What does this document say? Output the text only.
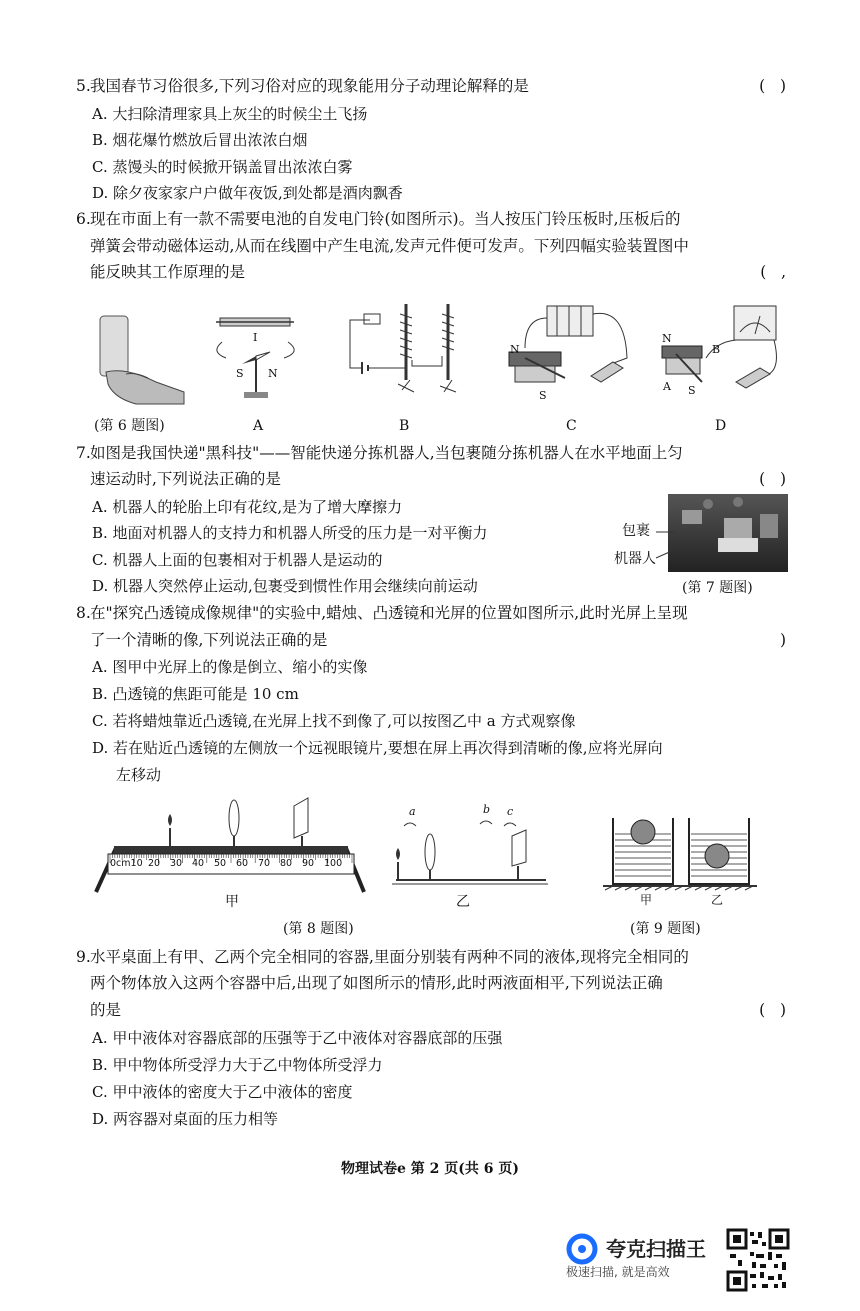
5. 我国春节习俗很多,下列习俗对应的现象能用分子动理论解释的是	(   )
A. 大扫除清理家具上灰尘的时候尘土飞扬
B. 烟花爆竹燃放后冒出浓浓白烟
C. 蒸馒头的时候掀开锅盖冒出浓浓白雾
D. 除夕夜家家户户做年夜饭,到处都是酒肉飘香
6. 现在市面上有一款不需要电池的自发电门铃(如图所示)。当人按压门铃压板时,压板后的
弹簧会带动磁体运动,从而在线圈中产生电流,发声元件便可发声。下列四幅实验装置图中
能反映其工作原理的是	(   ,
(第 6 题图)
I
S N
A	B
N
S
C
N
B
A S
D
7. 如图是我国快递"黑科技"——智能快递分拣机器人,当包裹随分拣机器人在水平地面上匀
速运动时,下列说法正确的是	(   )
A. 机器人的轮胎上印有花纹,是为了增大摩擦力
B. 地面对机器人的支持力和机器人所受的压力是一对平衡力
C. 机器人上面的包裹相对于机器人是运动的
D. 机器人突然停止运动,包裹受到惯性作用会继续向前运动
包裹
机器人
(第 7 题图)
8. 在"探究凸透镜成像规律"的实验中,蜡烛、凸透镜和光屏的位置如图所示,此时光屏上呈现
了一个清晰的像,下列说法正确的是	)
A. 图甲中光屏上的像是倒立、缩小的实像
B. 凸透镜的焦距可能是 10 cm
C. 若将蜡烛靠近凸透镜,在光屏上找不到像了,可以按图乙中 a 方式观察像
D. 若在贴近凸透镜的左侧放一个远视眼镜片,要想在屏上再次得到清晰的像,应将光屏向
左移动
0cm10 20 30 40 50 60 70 80 90 100
甲
a	b c
乙
(第 8 题图)
甲	乙
(第 9 题图)
9. 水平桌面上有甲、乙两个完全相同的容器,里面分别装有两种不同的液体,现将完全相同的
两个物体放入这两个容器中后,出现了如图所示的情形,此时两液面相平,下列说法正确
的是	(   )
A. 甲中液体对容器底部的压强等于乙中液体对容器底部的压强
B. 甲中物体所受浮力大于乙中物体所受浮力
C. 甲中液体的密度大于乙中液体的密度
D. 两容器对桌面的压力相等
物理试卷e 第 2 页(共 6 页)
夸克扫描王
极速扫描, 就是高效
